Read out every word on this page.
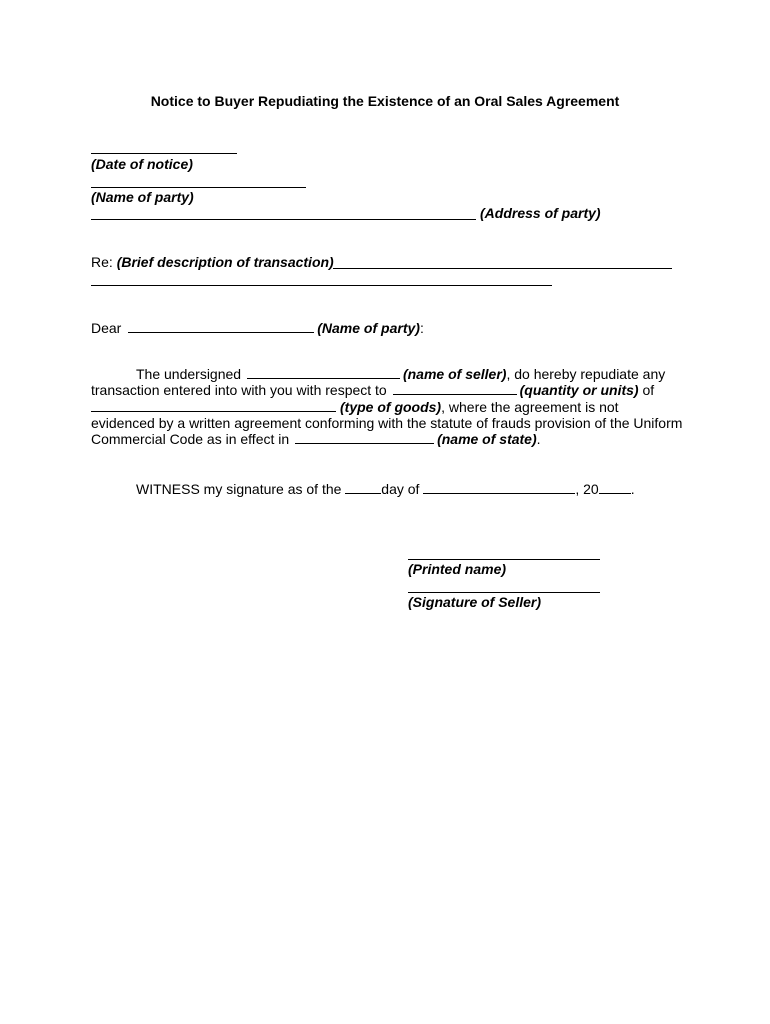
Notice to Buyer Repudiating the Existence of an Oral Sales Agreement
(Date of notice)
(Name of party)
(Address of party)
Re: (Brief description of transaction)
Dear	(Name of party):
The undersigned	(name of seller), do hereby repudiate any
transaction entered into with you with respect to	(quantity or units) of
(type of goods), where the agreement is not
evidenced by a written agreement conforming with the statute of frauds provision of the Uniform
Commercial Code as in effect in	(name of state).
WITNESS my signature as of the	day of	, 20 .
(Printed name)
(Signature of Seller)
